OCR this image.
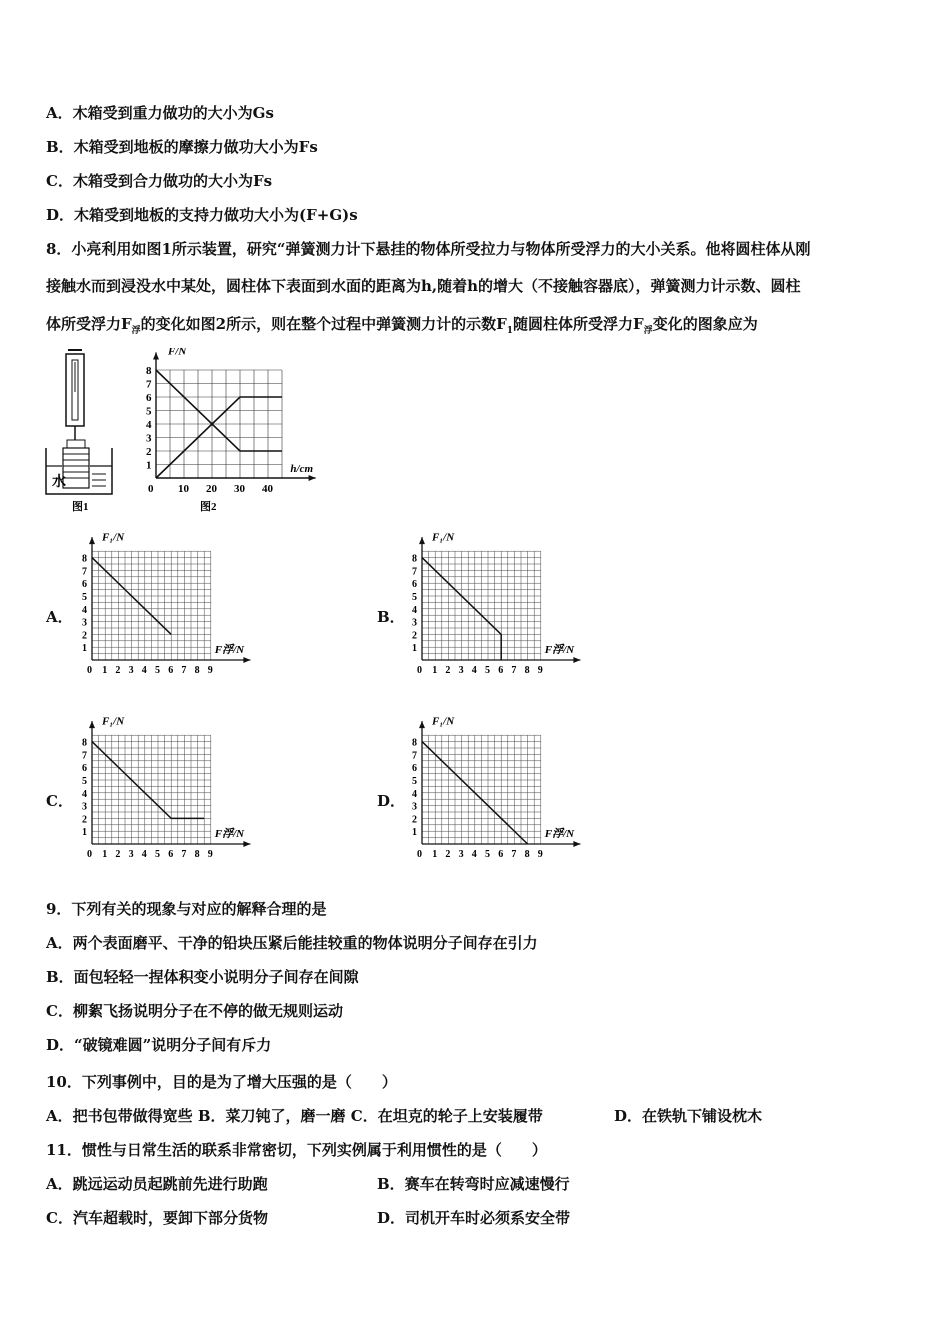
A．木箱受到重力做功的大小为Gs
B．木箱受到地板的摩擦力做功大小为Fs
C．木箱受到合力做功的大小为Fs
D．木箱受到地板的支持力做功大小为(F+G)s
8．小亮利用如图1所示装置，研究“弹簧测力计下悬挂的物体所受拉力与物体所受浮力的大小关系。他将圆柱体从刚
接触水而到浸没水中某处，圆柱体下表面到水面的距离为h,随着h的增大（不接触容器底），弹簧测力计示数、圆柱
体所受浮力$F_浮$的变化如图2所示，则在整个过程中弹簧测力计的示数$F_1$随圆柱体所受浮力$F_浮$变化的图象应为
水
图1	图2
1
2
3
4
5
6
7
8
0 10 20 30 40
F/N
h/cm
A．
1
2
3
4
5
6
7
8
0 1 2 3 4 5 6 7 8 9
F₁/N
F浮/N
B．
1
2
3
4
5
6
7
8
0 1 2 3 4 5 6 7 8 9
F₁/N
F浮/N
C．
1
2
3
4
5
6
7
8
0 1 2 3 4 5 6 7 8 9
F₁/N
F浮/N
D．
1
2
3
4
5
6
7
8
0 1 2 3 4 5 6 7 8 9
F₁/N
F浮/N
9．下列有关的现象与对应的解释合理的是
A．两个表面磨平、干净的铅块压紧后能挂较重的物体说明分子间存在引力
B．面包轻轻一捏体积变小说明分子间存在间隙
C．柳絮飞扬说明分子在不停的做无规则运动
D．“破镜难圆”说明分子间有斥力
10．下列事例中，目的是为了增大压强的是（　　）
A．把书包带做得宽些 B．菜刀钝了，磨一磨 C．在坦克的轮子上安装履带	D．在铁轨下铺设枕木
11．惯性与日常生活的联系非常密切，下列实例属于利用惯性的是（　　）
A．跳远运动员起跳前先进行助跑	B．赛车在转弯时应减速慢行
C．汽车超载时，要卸下部分货物	D．司机开车时必须系安全带
